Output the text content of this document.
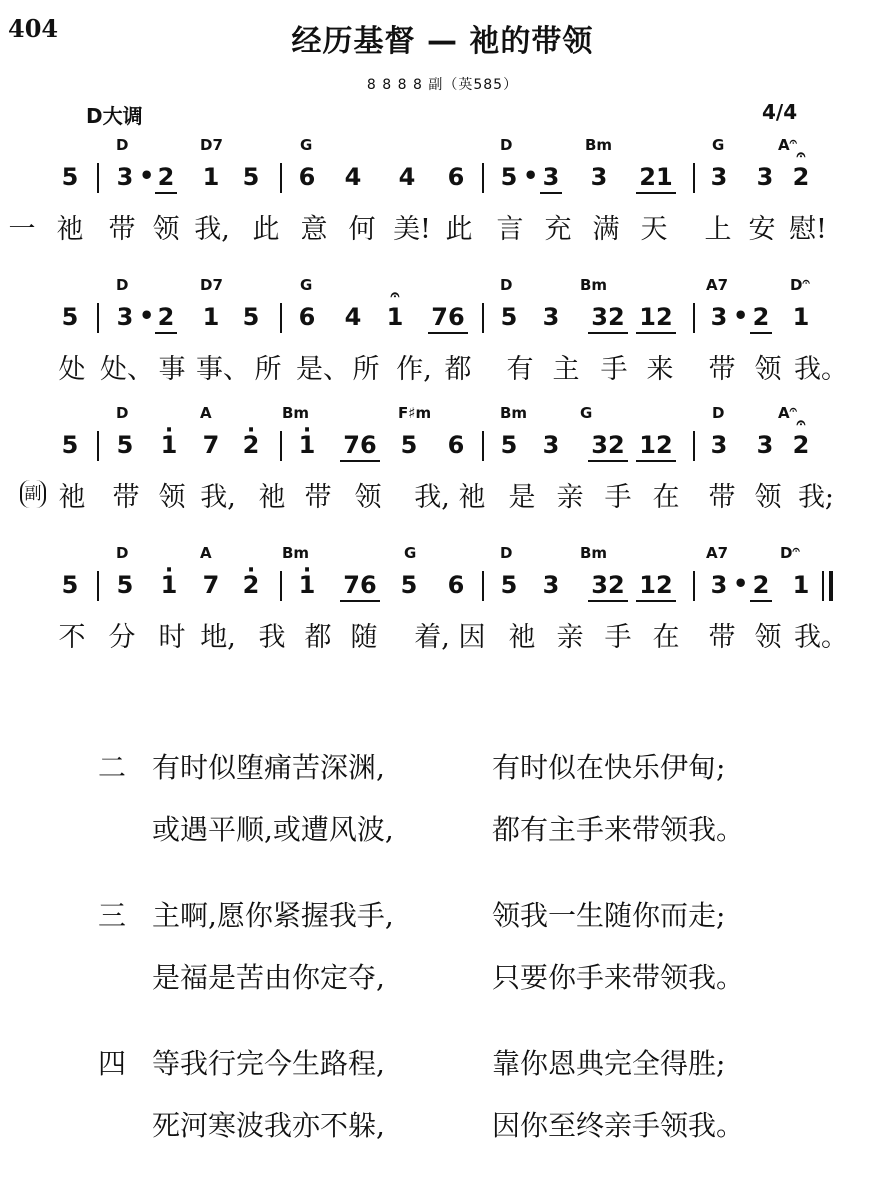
404	经历基督 — 祂的带领
8 8 8 8 副（英585）
D大调	4/4
D	D7	G	D	Bm	G	A𝄐
5 3 • 2 1 5 6 4 4 6 5 • 3 3 21 3 3 𝄐 2
一 祂 带 领 我, 此 意 何 美! 此 言 充 满 天	上 安 慰!
D	D7	G	D	Bm	A7	D𝄐
5 3 • 2 1 5 6 4 𝄐 1 76 5 3 32 12 3 • 2 1
处 处、 事 事、 所 是、 所 作, 都	有 主 手 来	带 领 我。
D	A	Bm	F♯m	Bm	G	D	A𝄐
5 5 · 1 7 · 2 · 1 76 5 6 5 3 32 12 3 3 𝄐 2
副 祂	带 领 我, 祂 带 领	我, 祂 是 亲 手 在	带 领 我;
D	A	Bm	G	D	Bm	A7	D𝄐
5 5 · 1 7 · 2 · 1 76 5 6 5 3 32 12 3 • 2 1
不 分 时 地, 我 都 随	着, 因 祂 亲 手 在	带 领 我。
二 有时似堕痛苦深渊,	有时似在快乐伊甸;
或遇平顺,或遭风波,	都有主手来带领我。
三 主啊,愿你紧握我手,	领我一生随你而走;
是福是苦由你定夺,	只要你手来带领我。
四 等我行完今生路程,	靠你恩典完全得胜;
死河寒波我亦不躲,	因你至终亲手领我。
